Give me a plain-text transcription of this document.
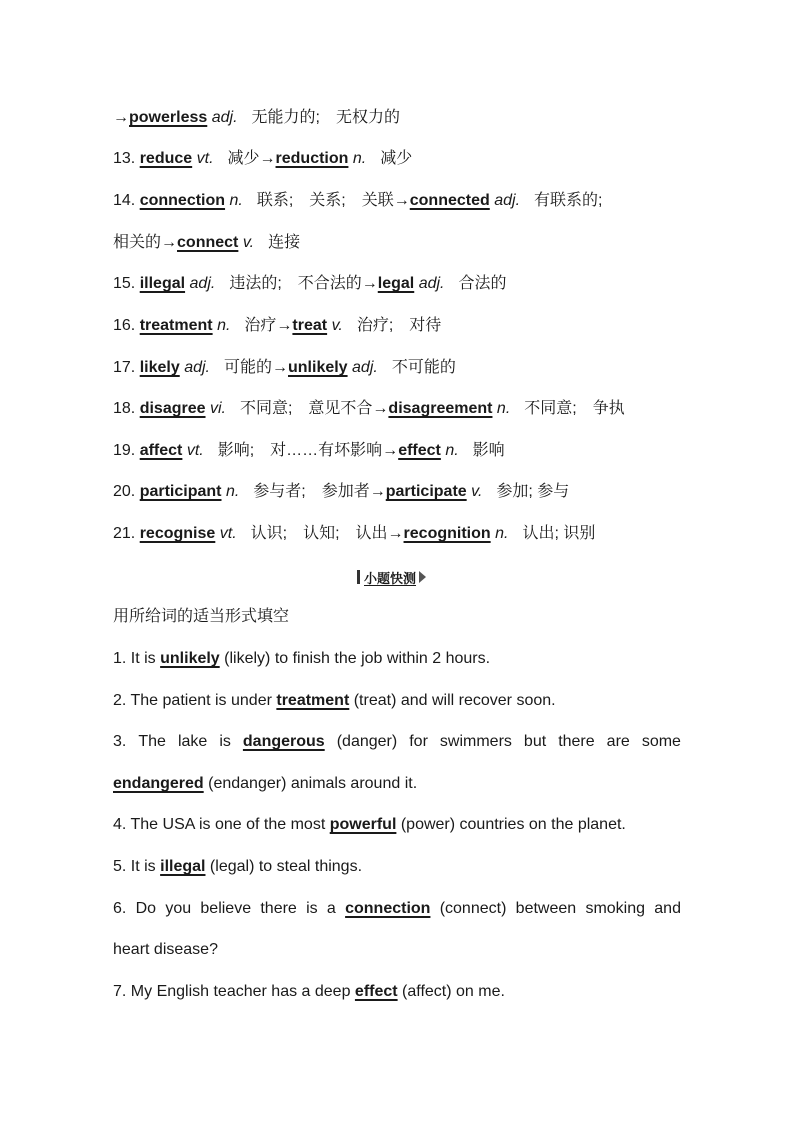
→powerless adj. 无能力的;　无权力的
13. reduce vt. 减少→reduction n. 减少
14. connection n. 联系;　关系;　关联→connected adj. 有联系的;
相关的→connect v. 连接
15. illegal adj. 违法的;　不合法的→legal adj. 合法的
16. treatment n. 治疗→treat v. 治疗;　对待
17. likely adj. 可能的→unlikely adj. 不可能的
18. disagree vi. 不同意;　意见不合→disagreement n. 不同意;　争执
19. affect vt. 影响;　对……有坏影响→effect n. 影响
20. participant n. 参与者;　参加者→participate v. 参加; 参与
21. recognise vt. 认识;　认知;　认出→recognition n. 认出; 识别
小题快测
用所给词的适当形式填空
1. It is unlikely (likely) to finish the job within 2 hours.
2. The patient is under treatment (treat) and will recover soon.
3. The lake is dangerous (danger) for swimmers but there are some
endangered (endanger) animals around it.
4. The USA is one of the most powerful (power) countries on the planet.
5. It is illegal (legal) to steal things.
6. Do you believe there is a connection (connect) between smoking and
heart disease?
7. My English teacher has a deep effect (affect) on me.
